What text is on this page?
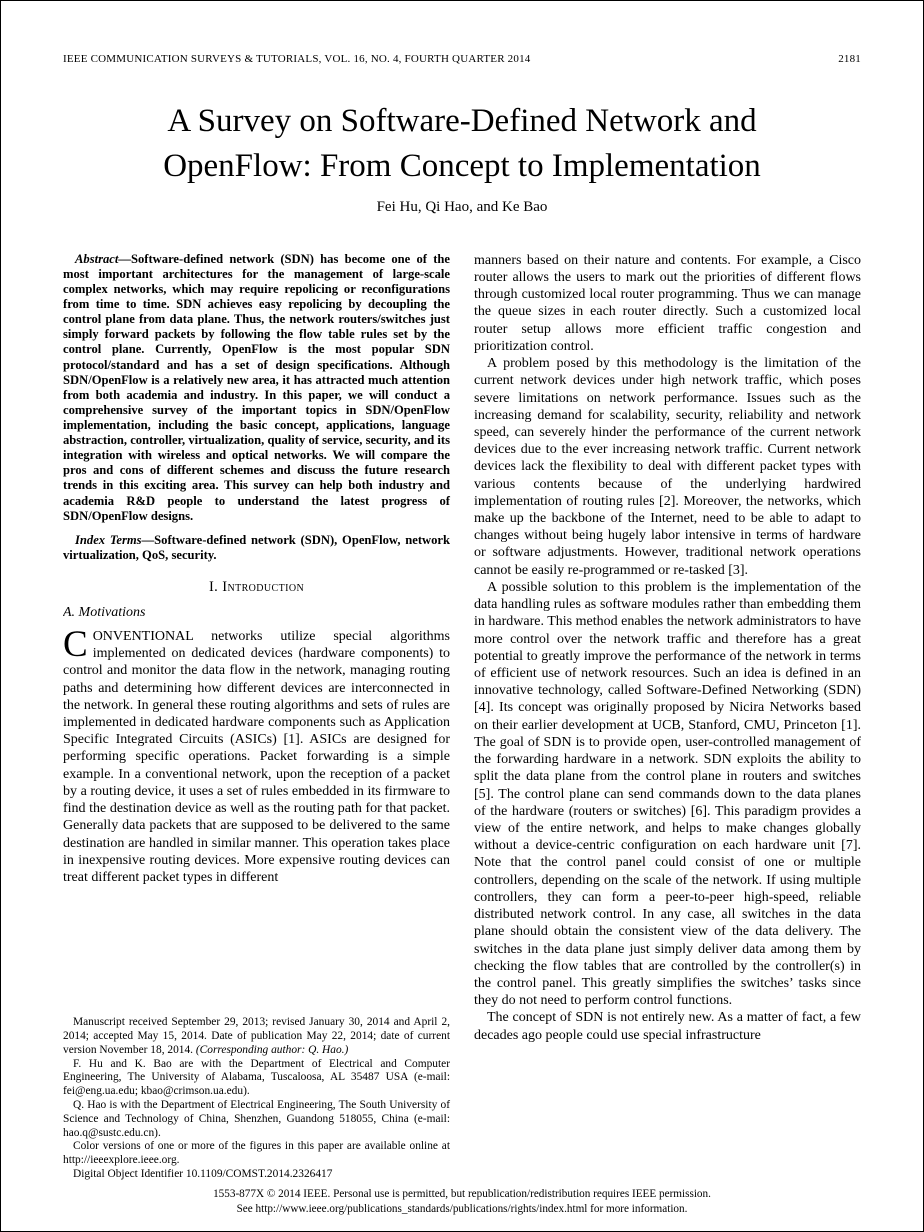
IEEE COMMUNICATION SURVEYS & TUTORIALS, VOL. 16, NO. 4, FOURTH QUARTER 2014	2181
A Survey on Software-Defined Network and
OpenFlow: From Concept to Implementation
Fei Hu, Qi Hao, and Ke Bao

Abstract—Software-defined network (SDN) has become one of the most important architectures for the management of large-scale complex networks, which may require repolicing or reconfigurations from time to time. SDN achieves easy repolicing by decoupling the control plane from data plane. Thus, the network routers/switches just simply forward packets by following the flow table rules set by the control plane. Currently, OpenFlow is the most popular SDN protocol/standard and has a set of design specifications. Although SDN/OpenFlow is a relatively new area, it has attracted much attention from both academia and industry. In this paper, we will conduct a comprehensive survey of the important topics in SDN/OpenFlow implementation, including the basic concept, applications, language abstraction, controller, virtualization, quality of service, security, and its integration with wireless and optical networks. We will compare the pros and cons of different schemes and discuss the future research trends in this exciting area. This survey can help both industry and academia R&D people to understand the latest progress of SDN/OpenFlow designs.

Index Terms—Software-defined network (SDN), OpenFlow, network virtualization, QoS, security.

I. Introduction
A. Motivations

CONVENTIONAL networks utilize special algorithms implemented on dedicated devices (hardware components) to control and monitor the data flow in the network, managing routing paths and determining how different devices are interconnected in the network. In general these routing algorithms and sets of rules are implemented in dedicated hardware components such as Application Specific Integrated Circuits (ASICs) [1]. ASICs are designed for performing specific operations. Packet forwarding is a simple example. In a conventional network, upon the reception of a packet by a routing device, it uses a set of rules embedded in its firmware to find the destination device as well as the routing path for that packet. Generally data packets that are supposed to be delivered to the same destination are handled in similar manner. This operation takes place in inexpensive routing devices. More expensive routing devices can treat different packet types in different

Manuscript received September 29, 2013; revised January 30, 2014 and April 2, 2014; accepted May 15, 2014. Date of publication May 22, 2014; date of current version November 18, 2014. (Corresponding author: Q. Hao.)

F. Hu and K. Bao are with the Department of Electrical and Computer Engineering, The University of Alabama, Tuscaloosa, AL 35487 USA (e-mail: fei@eng.ua.edu; kbao@crimson.ua.edu).

Q. Hao is with the Department of Electrical Engineering, The South University of Science and Technology of China, Shenzhen, Guandong 518055, China (e-mail: hao.q@sustc.edu.cn).

Color versions of one or more of the figures in this paper are available online at http://ieeexplore.ieee.org.

Digital Object Identifier 10.1109/COMST.2014.2326417

manners based on their nature and contents. For example, a Cisco router allows the users to mark out the priorities of different flows through customized local router programming. Thus we can manage the queue sizes in each router directly. Such a customized local router setup allows more efficient traffic congestion and prioritization control.

A problem posed by this methodology is the limitation of the current network devices under high network traffic, which poses severe limitations on network performance. Issues such as the increasing demand for scalability, security, reliability and network speed, can severely hinder the performance of the current network devices due to the ever increasing network traffic. Current network devices lack the flexibility to deal with different packet types with various contents because of the underlying hardwired implementation of routing rules [2]. Moreover, the networks, which make up the backbone of the Internet, need to be able to adapt to changes without being hugely labor intensive in terms of hardware or software adjustments. However, traditional network operations cannot be easily re-programmed or re-tasked [3].

A possible solution to this problem is the implementation of the data handling rules as software modules rather than embedding them in hardware. This method enables the network administrators to have more control over the network traffic and therefore has a great potential to greatly improve the performance of the network in terms of efficient use of network resources. Such an idea is defined in an innovative technology, called Software-Defined Networking (SDN) [4]. Its concept was originally proposed by Nicira Networks based on their earlier development at UCB, Stanford, CMU, Princeton [1]. The goal of SDN is to provide open, user-controlled management of the forwarding hardware in a network. SDN exploits the ability to split the data plane from the control plane in routers and switches [5]. The control plane can send commands down to the data planes of the hardware (routers or switches) [6]. This paradigm provides a view of the entire network, and helps to make changes globally without a device-centric configuration on each hardware unit [7]. Note that the control panel could consist of one or multiple controllers, depending on the scale of the network. If using multiple controllers, they can form a peer-to-peer high-speed, reliable distributed network control. In any case, all switches in the data plane should obtain the consistent view of the data delivery. The switches in the data plane just simply deliver data among them by checking the flow tables that are controlled by the controller(s) in the control panel. This greatly simplifies the switches’ tasks since they do not need to perform control functions.

The concept of SDN is not entirely new. As a matter of fact, a few decades ago people could use special infrastructure

1553-877X © 2014 IEEE. Personal use is permitted, but republication/redistribution requires IEEE permission.
See http://www.ieee.org/publications_standards/publications/rights/index.html for more information.
